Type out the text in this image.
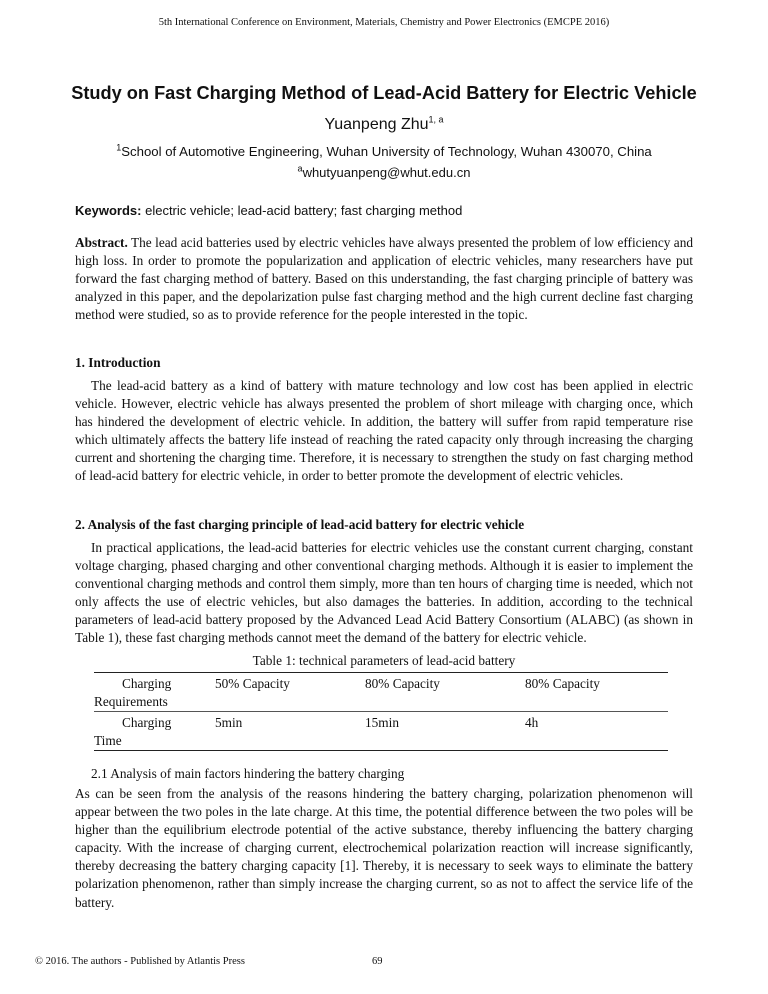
5th International Conference on Environment, Materials, Chemistry and Power Electronics (EMCPE 2016)
Study on Fast Charging Method of Lead-Acid Battery for Electric Vehicle
Yuanpeng Zhu$^{1, a}$
$^1$School of Automotive Engineering, Wuhan University of Technology, Wuhan 430070, China
$^a$whutyuanpeng@whut.edu.cn
Keywords: electric vehicle; lead-acid battery; fast charging method

Abstract. The lead acid batteries used by electric vehicles have always presented the problem of low efficiency and high loss. In order to promote the popularization and application of electric vehicles, many researchers have put forward the fast charging method of battery. Based on this understanding, the fast charging principle of battery was analyzed in this paper, and the depolarization pulse fast charging method and the high current decline fast charging method were studied, so as to provide reference for the people interested in the topic.

1. Introduction

The lead-acid battery as a kind of battery with mature technology and low cost has been applied in electric vehicle. However, electric vehicle has always presented the problem of short mileage with charging once, which has hindered the development of electric vehicle. In addition, the battery will suffer from rapid temperature rise which ultimately affects the battery life instead of reaching the rated capacity only through increasing the charging current and shortening the charging time. Therefore, it is necessary to strengthen the study on fast charging method of lead-acid battery for electric vehicle, in order to better promote the development of electric vehicles.

2. Analysis of the fast charging principle of lead-acid battery for electric vehicle

In practical applications, the lead-acid batteries for electric vehicles use the constant current charging, constant voltage charging, phased charging and other conventional charging methods. Although it is easier to implement the conventional charging methods and control them simply, more than ten hours of charging time is needed, which not only affects the use of electric vehicles, but also damages the batteries. In addition, according to the technical parameters of lead-acid battery proposed by the Advanced Lead Acid Battery Consortium (ALABC) (as shown in Table 1), these fast charging methods cannot meet the demand of the battery for electric vehicle.

Table 1: technical parameters of lead-acid battery
Charging
Requirements	50% Capacity	80% Capacity	80% Capacity

Charging
Time	5min	15min	4h
2.1 Analysis of main factors hindering the battery charging

As can be seen from the analysis of the reasons hindering the battery charging, polarization phenomenon will appear between the two poles in the late charge. At this time, the potential difference between the two poles will be higher than the equilibrium electrode potential of the active substance, thereby influencing the battery charging capacity. With the increase of charging current, electrochemical polarization reaction will increase significantly, thereby decreasing the battery charging capacity [1]. Thereby, it is necessary to seek ways to eliminate the battery polarization phenomenon, rather than simply increase the charging current, so as not to affect the service life of the battery.

© 2016. The authors - Published by Atlantis Press	69
